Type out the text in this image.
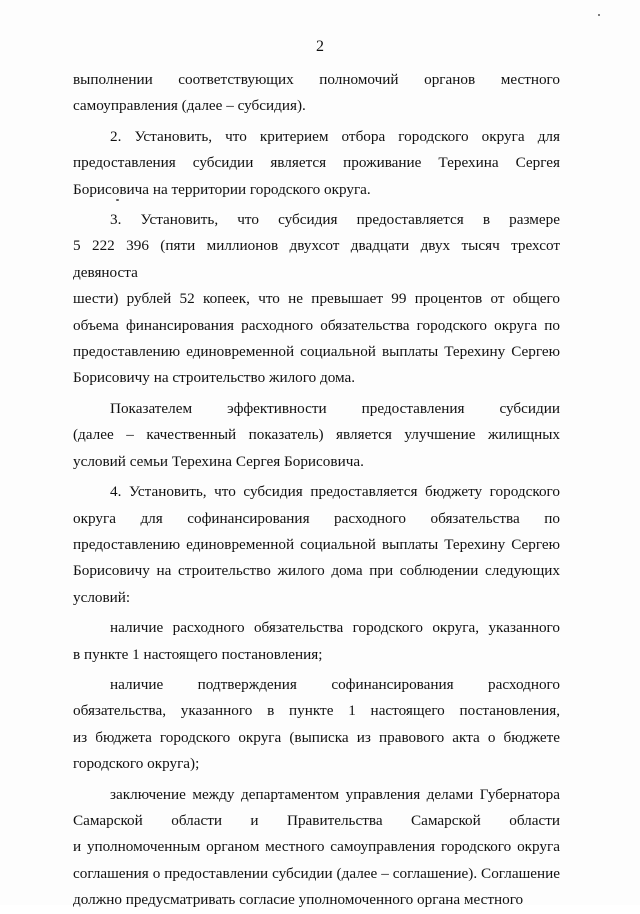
2

выполнении соответствующих полномочий органов местного
самоуправления (далее – субсидия).

2. Установить, что критерием отбора городского округа для
предоставления субсидии является проживание Терехина Сергея
Борисовича на территории городского округа.

3. Установить, что субсидия предоставляется в размере
5 222 396 (пяти миллионов двухсот двадцати двух тысяч трехсот девяноста
шести) рублей 52 копеек, что не превышает 99 процентов от общего
объема финансирования расходного обязательства городского округа по
предоставлению единовременной социальной выплаты Терехину Сергею
Борисовичу на строительство жилого дома.

Показателем эффективности предоставления субсидии
(далее – качественный показатель) является улучшение жилищных
условий семьи Терехина Сергея Борисовича.

4. Установить, что субсидия предоставляется бюджету городского
округа для софинансирования расходного обязательства по
предоставлению единовременной социальной выплаты Терехину Сергею
Борисовичу на строительство жилого дома при соблюдении следующих
условий:

наличие расходного обязательства городского округа, указанного
в пункте 1 настоящего постановления;

наличие подтверждения софинансирования расходного
обязательства, указанного в пункте 1 настоящего постановления,
из бюджета городского округа (выписка из правового акта о бюджете
городского округа);

заключение между департаментом управления делами Губернатора
Самарской области и Правительства Самарской области
и уполномоченным органом местного самоуправления городского округа
соглашения о предоставлении субсидии (далее – соглашение). Соглашение
должно предусматривать согласие уполномоченного органа местного
